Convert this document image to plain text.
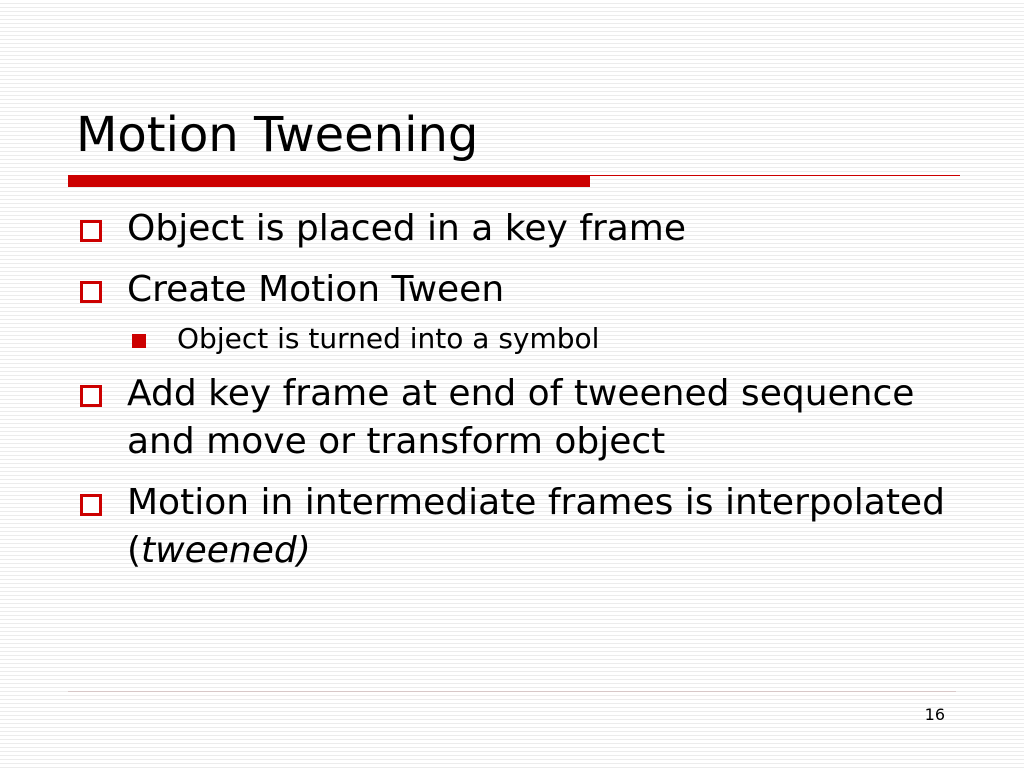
Motion Tweening
Object is placed in a key frame
Create Motion Tween
Object is turned into a symbol
Add key frame at end of tweened sequence and move or transform object
Motion in intermediate frames is interpolated (tweened)
16
